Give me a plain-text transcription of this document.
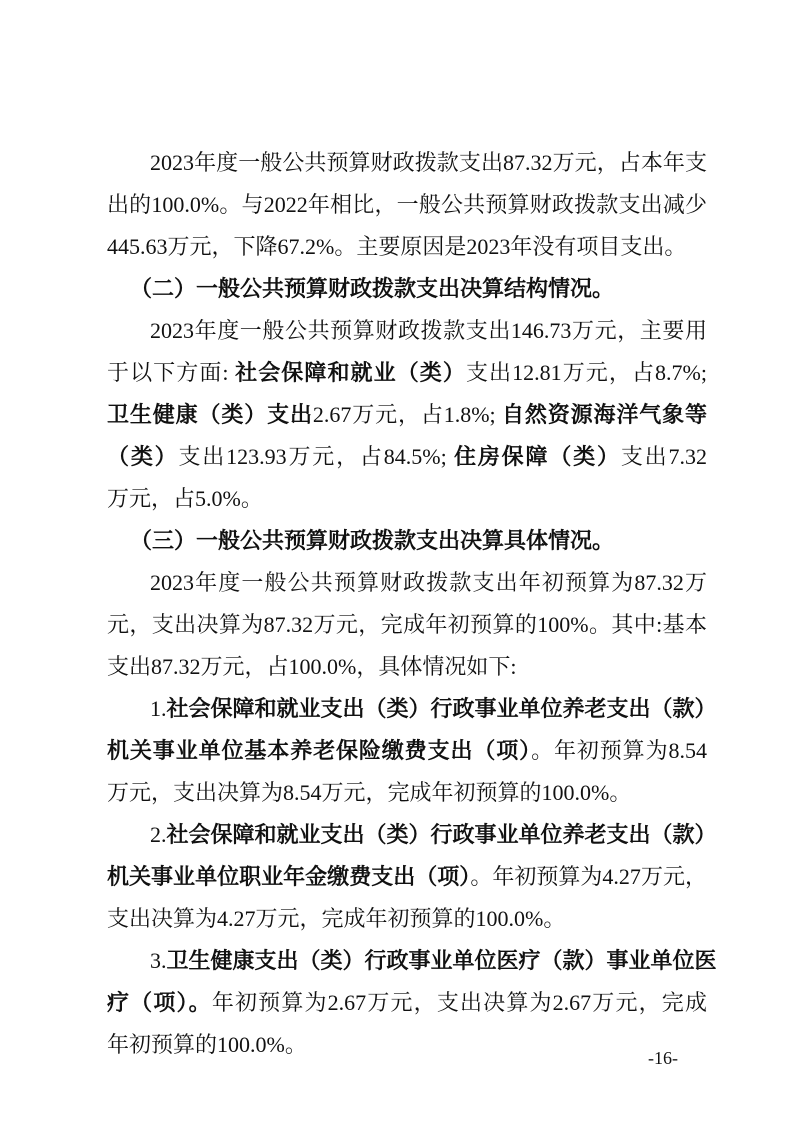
2023年度一般公共预算财政拨款支出87.32万元，占本年支
出的100.0%。与2022年相比，一般公共预算财政拨款支出减少
445.63万元，下降67.2%。主要原因是2023年没有项目支出。
（二）一般公共预算财政拨款支出决算结构情况。
2023年度一般公共预算财政拨款支出146.73万元，主要用
于以下方面: 社会保障和就业（类）支出12.81万元，占8.7%;
卫生健康（类）支出2.67万元，占1.8%; 自然资源海洋气象等
（类）支出123.93万元，占84.5%; 住房保障（类）支出7.32
万元，占5.0%。
（三）一般公共预算财政拨款支出决算具体情况。
2023年度一般公共预算财政拨款支出年初预算为87.32万
元，支出决算为87.32万元，完成年初预算的100%。其中:基本
支出87.32万元，占100.0%，具体情况如下:
1.社会保障和就业支出（类）行政事业单位养老支出（款）
机关事业单位基本养老保险缴费支出（项）。年初预算为8.54
万元，支出决算为8.54万元，完成年初预算的100.0%。
2.社会保障和就业支出（类）行政事业单位养老支出（款）
机关事业单位职业年金缴费支出（项）。年初预算为4.27万元，
支出决算为4.27万元，完成年初预算的100.0%。
3.卫生健康支出（类）行政事业单位医疗（款）事业单位医
疗（项）。年初预算为2.67万元，支出决算为2.67万元，完成
年初预算的100.0%。
-16-
